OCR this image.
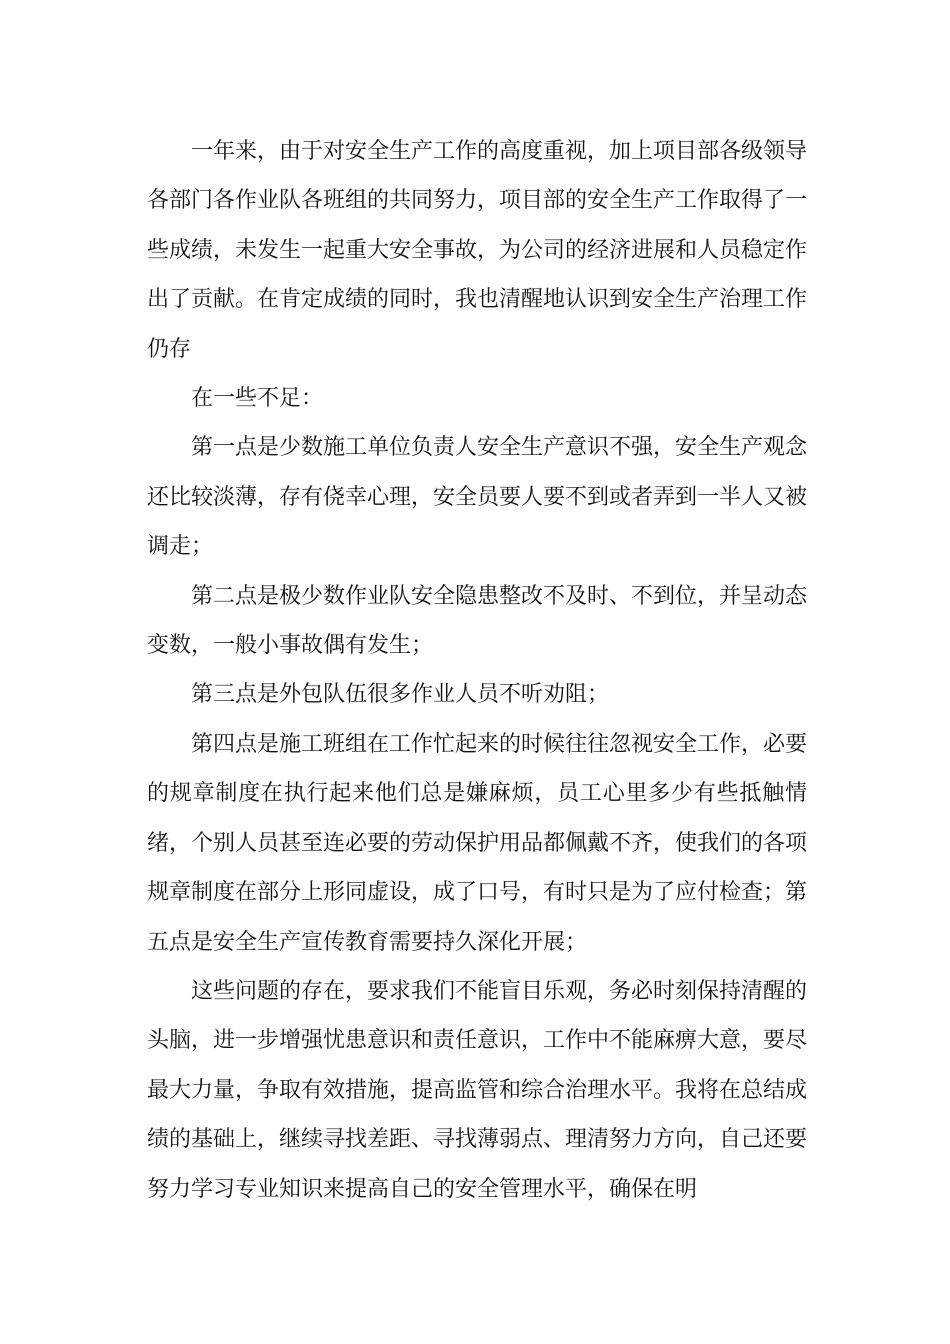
一年来，由于对安全生产工作的高度重视，加上项目部各级领导各部门各作业队各班组的共同努力，项目部的安全生产工作取得了一些成绩，未发生一起重大安全事故，为公司的经济进展和人员稳定作出了贡献。在肯定成绩的同时，我也清醒地认识到安全生产治理工作仍存

在一些不足：

第一点是少数施工单位负责人安全生产意识不强，安全生产观念还比较淡薄，存有侥幸心理，安全员要人要不到或者弄到一半人又被调走；

第二点是极少数作业队安全隐患整改不及时、不到位，并呈动态变数，一般小事故偶有发生；

第三点是外包队伍很多作业人员不听劝阻；

第四点是施工班组在工作忙起来的时候往往忽视安全工作，必要的规章制度在执行起来他们总是嫌麻烦，员工心里多少有些抵触情绪，个别人员甚至连必要的劳动保护用品都佩戴不齐，使我们的各项规章制度在部分上形同虚设，成了口号，有时只是为了应付检查；第五点是安全生产宣传教育需要持久深化开展；

这些问题的存在，要求我们不能盲目乐观，务必时刻保持清醒的头脑，进一步增强忧患意识和责任意识，工作中不能麻痹大意，要尽最大力量，争取有效措施，提高监管和综合治理水平。我将在总结成绩的基础上，继续寻找差距、寻找薄弱点、理清努力方向，自己还要努力学习专业知识来提高自己的安全管理水平，确保在明
